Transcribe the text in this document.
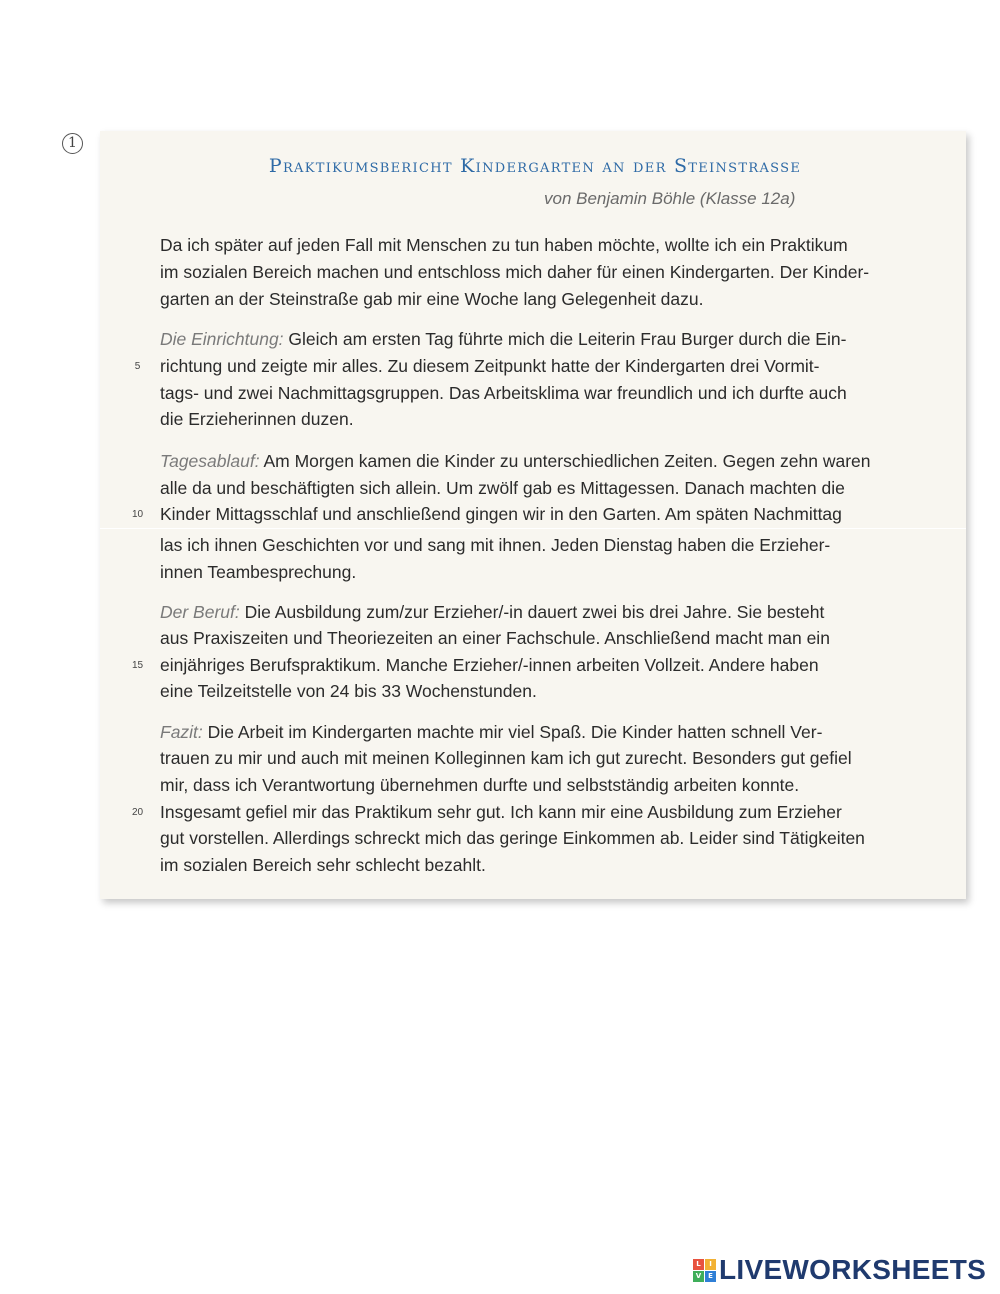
1
Praktikumsbericht Kindergarten an der Steinstrasse

von Benjamin Böhle (Klasse 12a)

Da ich später auf jeden Fall mit Menschen zu tun haben möchte, wollte ich ein Praktikum

im sozialen Bereich machen und entschloss mich daher für einen Kindergarten. Der Kinder-

garten an der Steinstraße gab mir eine Woche lang Gelegenheit dazu.

Die Einrichtung: Gleich am ersten Tag führte mich die Leiterin Frau Burger durch die Ein-

richtung und zeigte mir alles. Zu diesem Zeitpunkt hatte der Kindergarten drei Vormit-

tags- und zwei Nachmittagsgruppen. Das Arbeitsklima war freundlich und ich durfte auch

die Erzieherinnen duzen.

Tagesablauf: Am Morgen kamen die Kinder zu unterschiedlichen Zeiten. Gegen zehn waren

alle da und beschäftigten sich allein. Um zwölf gab es Mittagessen. Danach machten die

Kinder Mittagsschlaf und anschließend gingen wir in den Garten. Am späten Nachmittag

las ich ihnen Geschichten vor und sang mit ihnen. Jeden Dienstag haben die Erzieher-

innen Teambesprechung.

Der Beruf: Die Ausbildung zum/zur Erzieher/-in dauert zwei bis drei Jahre. Sie besteht

aus Praxiszeiten und Theoriezeiten an einer Fachschule. Anschließend macht man ein

einjähriges Berufspraktikum. Manche Erzieher/-innen arbeiten Vollzeit. Andere haben

eine Teilzeitstelle von 24 bis 33 Wochenstunden.

Fazit: Die Arbeit im Kindergarten machte mir viel Spaß. Die Kinder hatten schnell Ver-

trauen zu mir und auch mit meinen Kolleginnen kam ich gut zurecht. Besonders gut gefiel

mir, dass ich Verantwortung übernehmen durfte und selbstständig arbeiten konnte.

Insgesamt gefiel mir das Praktikum sehr gut. Ich kann mir eine Ausbildung zum Erzieher

gut vorstellen. Allerdings schreckt mich das geringe Einkommen ab. Leider sind Tätigkeiten

im sozialen Bereich sehr schlecht bezahlt.

5
10
15
20
L	I
V E LIVEWORKSHEETS
